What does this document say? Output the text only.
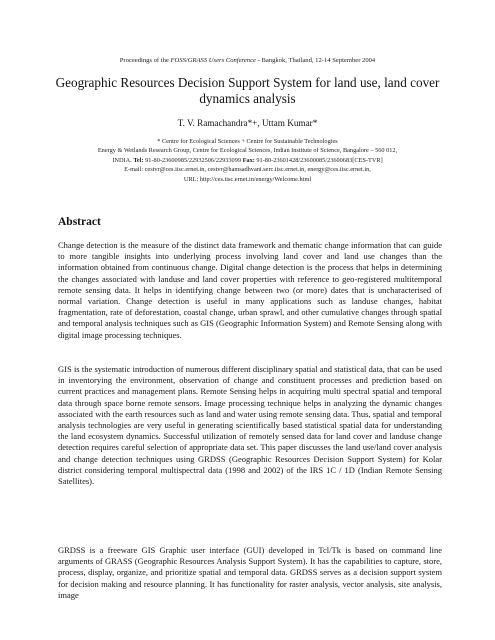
Proceedings of the FOSS/GRASS Users Conference - Bangkok, Thailand, 12-14 September 2004
Geographic Resources Decision Support System for land use, land cover dynamics analysis
T. V. Ramachandra*+, Uttam Kumar*
* Centre for Ecological Sciences + Centre for Sustainable Technologies
Energy & Wetlands Research Group, Centre for Ecological Sciences, Indian Institute of Science, Bangalore – 560 012,
INDIA. Tel: 91-80-23600985/22932506/22933099 Fax: 91-80-23601428/23600085/23600683[CES-TVR]
E-mail: cestvr@ces.iisc.ernet.in, cestvr@hamsadhvani.serc.iisc.ernet.in, energy@ces.iisc.ernet.in,
URL: http://ces.iisc.ernet.in/energy/Welcome.html
Abstract
Change detection is the measure of the distinct data framework and thematic change information that can guide to more tangible insights into underlying process involving land cover and land use changes than the information obtained from continuous change. Digital change detection is the process that helps in determining the changes associated with landuse and land cover properties with reference to geo-registered multitemporal remote sensing data. It helps in identifying change between two (or more) dates that is uncharacterised of normal variation. Change detection is useful in many applications such as landuse changes, habitat fragmentation, rate of deforestation, coastal change, urban sprawl, and other cumulative changes through spatial and temporal analysis techniques such as GIS (Geographic Information System) and Remote Sensing along with digital image processing techniques.
GIS is the systematic introduction of numerous different disciplinary spatial and statistical data, that can be used in inventorying the environment, observation of change and constituent processes and prediction based on current practices and management plans. Remote Sensing helps in acquiring multi spectral spatial and temporal data through space borne remote sensors. Image processing technique helps in analyzing the dynamic changes associated with the earth resources such as land and water using remote sensing data. Thus, spatial and temporal analysis technologies are very useful in generating scientifically based statistical spatial data for understanding the land ecosystem dynamics. Successful utilization of remotely sensed data for land cover and landuse change detection requires careful selection of appropriate data set. This paper discusses the land use/land cover analysis and change detection techniques using GRDSS (Geographic Resources Decision Support System) for Kolar district considering temporal multispectral data (1998 and 2002) of the IRS 1C / 1D (Indian Remote Sensing Satellites).
GRDSS is a freeware GIS Graphic user interface (GUI) developed in Tcl/Tk is based on command line arguments of GRASS (Geographic Resources Analysis Support System). It has the capabilities to capture, store, process, display, organize, and prioritize spatial and temporal data. GRDSS serves as a decision support system for decision making and resource planning. It has functionality for raster analysis, vector analysis, site analysis, image
